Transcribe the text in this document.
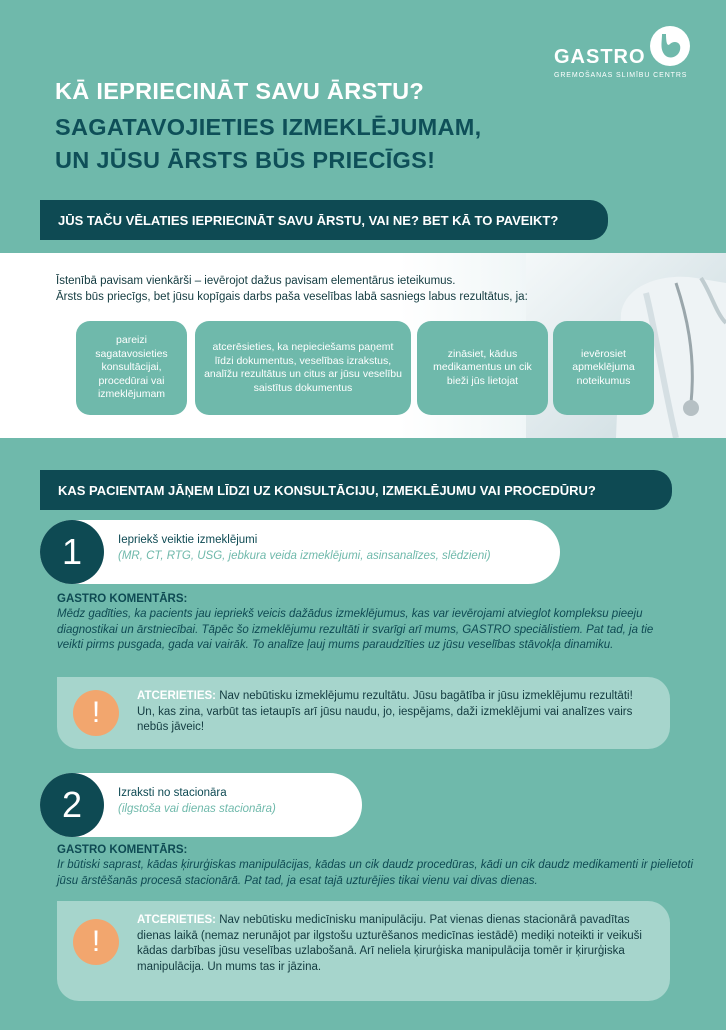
GASTRO
GREMOŠANAS SLIMĪBU CENTRS
KĀ IEPRIECINĀT SAVU ĀRSTU?
SAGATAVOJIETIES IZMEKLĒJUMAM,
UN JŪSU ĀRSTS BŪS PRIECĪGS!
JŪS TAČU VĒLATIES IEPRIECINĀT SAVU ĀRSTU, VAI NE? BET KĀ TO PAVEIKT?
Īstenībā pavisam vienkārši – ievērojot dažus pavisam elementārus ieteikumus.
Ārsts būs priecīgs, bet jūsu kopīgais darbs paša veselības labā sasniegs labus rezultātus, ja:
pareizi sagatavosieties konsultācijai, procedūrai vai izmeklējumam
atcerēsieties, ka nepieciešams paņemt līdzi dokumentus, veselības izrakstus, analīžu rezultātus un citus ar jūsu veselību saistītus dokumentus
zināsiet, kādus medikamentus un cik bieži jūs lietojat
ievērosiet apmeklējuma noteikumus
KAS PACIENTAM JĀŅEM LĪDZI UZ KONSULTĀCIJU, IZMEKLĒJUMU VAI PROCEDŪRU?
1	Iepriekš veiktie izmeklējumi
(MR, CT, RTG, USG, jebkura veida izmeklējumi, asinsanalīzes, slēdzieni)
GASTRO KOMENTĀRS:
Mēdz gadīties, ka pacients jau iepriekš veicis dažādus izmeklējumus, kas var ievērojami atvieglot kompleksu pieeju diagnostikai un ārstniecībai. Tāpēc šo izmeklējumu rezultāti ir svarīgi arī mums, GASTRO speciālistiem. Pat tad, ja tie veikti pirms pusgada, gada vai vairāk. To analīze ļauj mums paraudzīties uz jūsu veselības stāvokļa dinamiku.
!	ATCERIETIES: Nav nebūtisku izmeklējumu rezultātu. Jūsu bagātība ir jūsu izmeklējumu rezultāti! Un, kas zina, varbūt tas ietaupīs arī jūsu naudu, jo, iespējams, daži izmeklējumi vai analīzes vairs nebūs jāveic!
2	Izraksti no stacionāra
(ilgstoša vai dienas stacionāra)
GASTRO KOMENTĀRS:
Ir būtiski saprast, kādas ķirurģiskas manipulācijas, kādas un cik daudz procedūras, kādi un cik daudz medikamenti ir pielietoti jūsu ārstēšanās procesā stacionārā. Pat tad, ja esat tajā uzturējies tikai vienu vai divas dienas.
!
ATCERIETIES: Nav nebūtisku medicīnisku manipulāciju. Pat vienas dienas stacionārā pavadītas dienas laikā (nemaz nerunājot par ilgstošu uzturēšanos medicīnas iestādē) mediķi noteikti ir veikuši kādas darbības jūsu veselības uzlabošanā. Arī neliela ķirurģiska manipulācija tomēr ir ķirurģiska manipulācija. Un mums tas ir jāzina.
